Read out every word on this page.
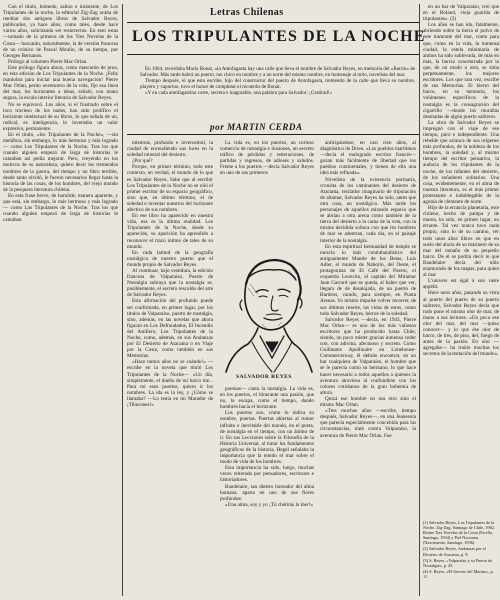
Con el título, húmedo, salino e insistente, de Los Tripulantes de la noche, la editorial Zig-Zag acaba de reeditar dos antiguos libros de Salvador Reyes, publicados, ya hace años, como tales, desde hace varios años, solicitando ser resurrectos. En esto estas —tomado de la primera de los Tres Novelas de la Costa— buscarán, naturalmente, la de versión francesa de un crónico de Pascal Moulin, de su tiempo, por Georges Bernanos.

Prólogo al volumen Pierre Mac Orlan.

Este prólogo figura ahora, como mascarón de proa, en esta edición de Los Tripulantes de la Noche. ¡Feliz maniobra para iniciar una buena navegación! Pierre Mac Orlan, perito aventurero de la vida, fijo esa línea del mar, los horizontes a ideas, señaló, con mano segura, la escala interior literaria de Salvador Reyes.

No se equivocó. Los años, si el frustrado sobre el loco travieso de los nados, han sido prolífico el horizonte intelectual de su libros, lo que señala de un, radical, es inteligencia, lo inventaba un valor expresivo, permanente.

En el título, «los Tripulantes de la Noche», —sin metáfora, sin embargo, lo más hermoso y más logrado— como Los Tripulantes de la Noche, Tras los que cuando alguien empezó de larga de historias le cantaban así pedía mejorar. Pero, creyendo en los motivos de su naturaleza, quiero decir los tremendos nombres de la guerra, del tiempo y un libro terrible, desde tanto olvidó, le fueron necesarios llegar hasta la historia de las cosas, de los hombres, del viejo mundo de la pesquera literatura chilena.

En esta frase breve, de humilde, manera aparente, y que está, sin embargo, lo más hermoso y más logrado — como Los Tripulantes de la Noche. Tras los que cuando alguien empezó de larga de historias le cantaban.

Letras Chilenas
LOS TRIPULANTES DE LA NOCHE

En 1964, recordaba Mario Bonat, «la Antofagasta hay una calle que lleva el nombre de Salvador Reyes, en memoria del «Barrio» de Salvador. Más tarde habrá un puerto, tan chico en nombre y a un norte del mismo nombre, en homenaje al mito, novelista del mar.

Tiempo después, el que esto escribe, hijo del constructor del puerto de Antofagasta, tremendo de la calle que lleva su nombre, playero y vaporino, tuvo el honor de completar el recuerdo de Bonat.

«Y en cada antofagastino corre, secreta e inagotable, una palabra para Salvador: ¡Gratitud!»

por MARTIN CERDA

mientras, profunda e inverosímil, la ciudad de encendiendo sus luces en la soledad mineral del desierto.

¿Por qué?

Porque, en primer término, todo este contexto, en verdad, el mundo de lo que es Salvador Reyes. Sabe que al escribir Los Tripulantes de la Noche no se olió el primer escritor de su espacio geográfico, sino que, en último término, el de soledad e inventar nuestros del horizonte afectivo de sus nombres.

En ese libro ha aparecido en nuestra vida, esa es la última realidad. Los Tripulantes de la Noche, desde su aparecido, su aparición ha aprendido a reconocer el trazo íntimo de tales de su mundo.

En cada latitud de la geografía nostálgica de nuestro puerto que el mundo propio de Salvador Reyes.

Al continuar, bajo vestidura, la edición francesa de Valparaíso, Puerto de Nostalgia subraya que la nostalgia se, posiblemente, el secreto rescoldo del arte de Salvador Reyes.

Esta afirmación del profundo puede ser confirmada, en primer lugar, por los títulos de Valparaíso, puerto de nostalgia, sino, además, en las novelas que ahora figuran en Los Defraudados, El Incendio del Astillero, Los Tripulantes de la Noche, como, además, en sus Andanzas por El Desierto de Atacama o en Viaje por la Costa, como también en sus Memorias.

«Hace tantos años no se cuándo!» —escribe en la novela que tituló Los Tripulantes de la Noche— «Un día, simplemente, el dueño de mi barco me... Para mí esos puertos, quiero ir los nombres. La ida es la ley, y ¿Cómo se llamaba? —Lo tenía en mi Marador de ¡Tiburones!»

La vida es, en los puertos, un curioso comercio de nostalgia e ilusiones, un secreto tráfico de pérdidas y reiteraciones, de partidas y regresos, de adioses y saludos. Frente a los puertos —decía Salvador Reyes en uno de sus primeros

SALVADOR REYES

poemas— canta la nostalgia. La vida es, en los puertos, el itinerante una pasión, que no, la escapa, como el tiempo, dando hombres hacia el horizonte.

Los puertos son, como lo indica su nombre, puertas. Puertas abiertas al rumor infinito e inevitable del mundo, en el poeta, de nostalgia en el tiempo, con un ánimo de ir. En sus Lecciones sobre la Filosofía de la Historia Universal, al tratar los fundamentos geográficos de la historia, Hegel señalaba la importancia que la tenido el mar sobre el modo de vida de los hombres.

Esta importancia ha sido, luego, muchas veces reiterada por pensadores, escritores e historiadores.

Baudelaire, tan diestro bureador del alma humana, aparta en uno de sus flores profundas:

«Una alma, soy y yo ¡Tú chérirás la mer!»

anticipándose, en casi cien años, al diagnóstico de Drieu. «Los pueblos marítimos —decía el malogrado escritor francés— gozan más fácilmente de libertad que los pueblos continentales, y tienen de ella una idea más refinada».

Novelista de la existencia portuaria, cronista de los caminantes del desierto de Atacama, recitador imaginario de tripulación de altamar, Salvador Reyes ha sido, antes que otra cosa, un nostálgico. Más tarde los personajes de aquellos mirando espacio que se abrían a otra arena como también de la tierra del desierto a la cama de la veta, con la misma decidida soltura con que los hombres de mar se adentran, cada día, en el paisaje interior de la nostalgia.

En esta espiritual hermandad de temple se mezcla lo más contrabandístico del antiguamente Mantle de los Betas, Luis Adler, el mundo de Naborío, del Oeste, el protagonista de El Café del Puerto, el coquetón Leoncito, el capitán del Miramar Jaun Garrard que se queda, al haber que ver, llegara de de desalojada, de un puerto de Burdeos, varado, para siempre, en Punta Arenas. Yo mismo impulse volver recorrer, de sus últimos reserte, las vidas de estos, como todo Salvador Reyes, hérroe de la soledad.

Salvador Reyes —decía, en 1943, Pierre Mac Orlan— es uno de los más valiosos escritores que ha producido hasta Chile, siendo, un poco mister gracias inmenso ceder con, con adivina, afectuoso y secreto. Como Guillaume Apollinaire en Limehouse-Commercerway, él debido encontrar, en un bar cualquiera de Valparaíso, el hombre que se le parecía como su hermano, lo que hace hacer necesario a todos aquellos a quienes la aventura atraviesa al confundirse con los colores cotidianos de la gran bohemia de altura.

Quizá ese hombre no sea otro sino el mismo Mac Orlan.

«Tres muchos años —escribe, tiempo después, Salvador Reyes—, en una Jeanesola que parecía especialmente concebida para las circunstancias, traté contra Valparaíso, la aventura de Pierre Mac Orlan. Fue

en un bar de Valparaíso, creí que en el Roland, vieja guarida de tripulantes». (2)

Los años se han ido, fatalmente, abriendo sobre la tierra el polvo de este tramonte del mar, como para que, como en la vida, la inmensa ciudad, la estela minimaria de ambos ha sido sublevada, de más en más, la barcia concentrada por la que, de un modo u otro, se sitúa perpetuamente, los mejores escritores. Los que rara vez, escribe de sus Memorias. El hierro del barco, en su memoria, los volúmenes específicos de la nostalgia es la consagración del cigarrillo —donde los murallas desmadas de algún puerto salitrero.

La obra de Salvador Reyes se impregnó con el viaje de ese tiempo, puro e independiente. Una rebelde que arranca de sus orígenes más profundos, de la nobleza de los hombres, la soledad y, al mismo tiempo del escritor pensativo, la audacia de los tripulantes de la noche, de los infantes del desierto, de los soñadores solitarios. Una cosa, evidentemente, en el alma de nuestra literatura, es el más primer protestante e indoblegable de la agonía de clemente de norte.

Hijo de la errancia planetaria, este chileno, hecho de pampa y de marea, ha sido, en primer lugar, un errante. Tal vez nunca tuvo nada propio, sino lo de su camino, ver todo unos años libros en que en suelo del ahora de su marinero de su mar del tamaño de su pequeño barco. De él se podría decir lo que Baudelaire decía del niño enamorado de los mapas, para quien al mar

L'univers est égal à son vaste appétit.

Hace unos años, pasando su vista al puerto del puerto de su puerto salitrero, Salvador Reyes decía que todo pone el mismo olor de mar, de mano a sus lectores. «Un poco ese olor del mar, del mar —quiso conocer— y lo que ése olor de barco, de tres, de piso, del, fuego de antes de la pasión. En olor —agregaba— ha traído muchas los secretos de la tentación del mundo».

(1) Salvador Reyes, Los Tripulantes de la Noche. Zig-Zag, Santiago de Chile, 1962. Reúne Tres Novelas de la Costa (Ercilla, Santiago, 1934) y Piel Nocturna (Nascimento, Santiago, 1936).
(2) Salvador Reyes, Andanzas por el Desierto de Atacama, p. 9.
(3) S. Reyes, «Valparaíso y su Puerto de Nostalgia», p. 45.
(4) S. Reyes, «El Secreto del Marino», p. 11.
